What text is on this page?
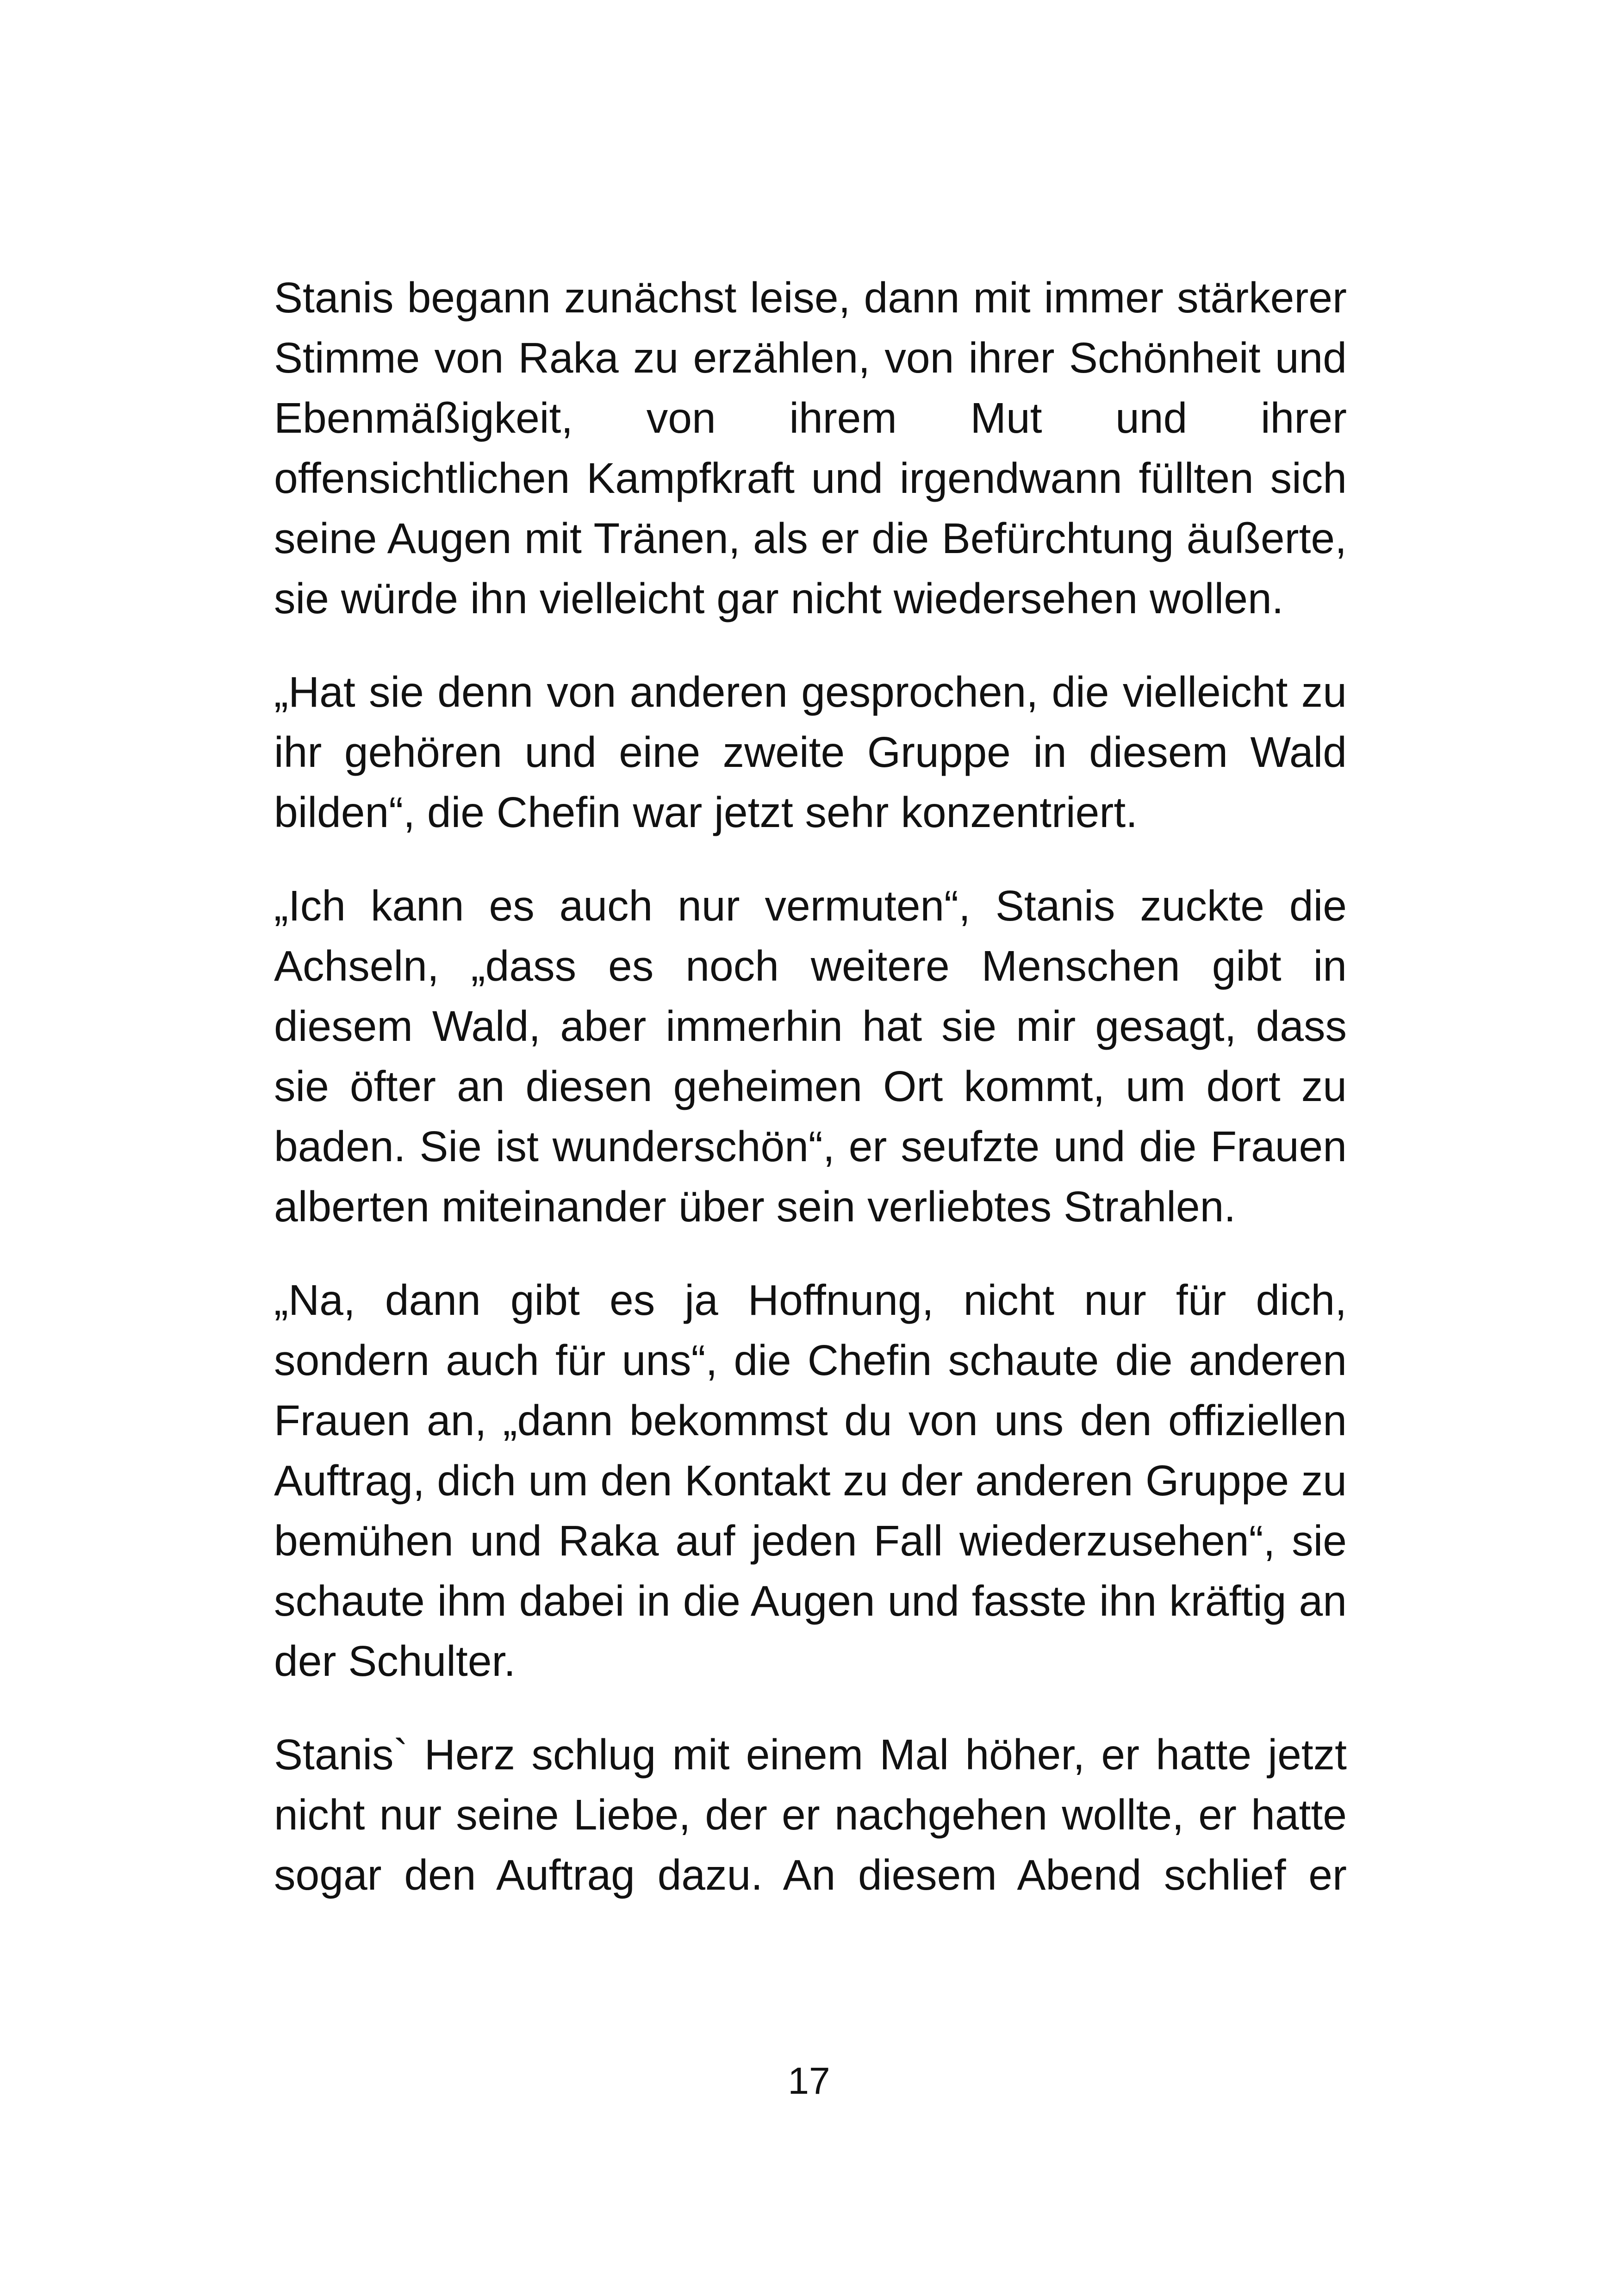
Stanis begann zunächst leise, dann mit immer stärkerer Stimme von Raka zu erzählen, von ihrer Schönheit und Ebenmäßigkeit, von ihrem Mut und ihrer offensichtlichen Kampfkraft und irgendwann füllten sich seine Augen mit Tränen, als er die Befürchtung äußerte, sie würde ihn vielleicht gar nicht wiedersehen wollen.

„Hat sie denn von anderen gesprochen, die vielleicht zu ihr gehören und eine zweite Gruppe in diesem Wald bilden“, die Chefin war jetzt sehr konzentriert.

„Ich kann es auch nur vermuten“, Stanis zuckte die Achseln, „dass es noch weitere Menschen gibt in diesem Wald, aber immerhin hat sie mir gesagt, dass sie öfter an diesen geheimen Ort kommt, um dort zu baden. Sie ist wunderschön“, er seufzte und die Frauen alberten miteinander über sein verliebtes Strahlen.

„Na, dann gibt es ja Hoffnung, nicht nur für dich, sondern auch für uns“, die Chefin schaute die anderen Frauen an, „dann bekommst du von uns den offiziellen Auftrag, dich um den Kontakt zu der anderen Gruppe zu bemühen und Raka auf jeden Fall wiederzusehen“, sie schaute ihm dabei in die Augen und fasste ihn kräftig an der Schulter.

Stanis` Herz schlug mit einem Mal höher, er hatte jetzt nicht nur seine Liebe, der er nachgehen wollte, er hatte sogar den Auftrag dazu. An diesem Abend schlief er

17
